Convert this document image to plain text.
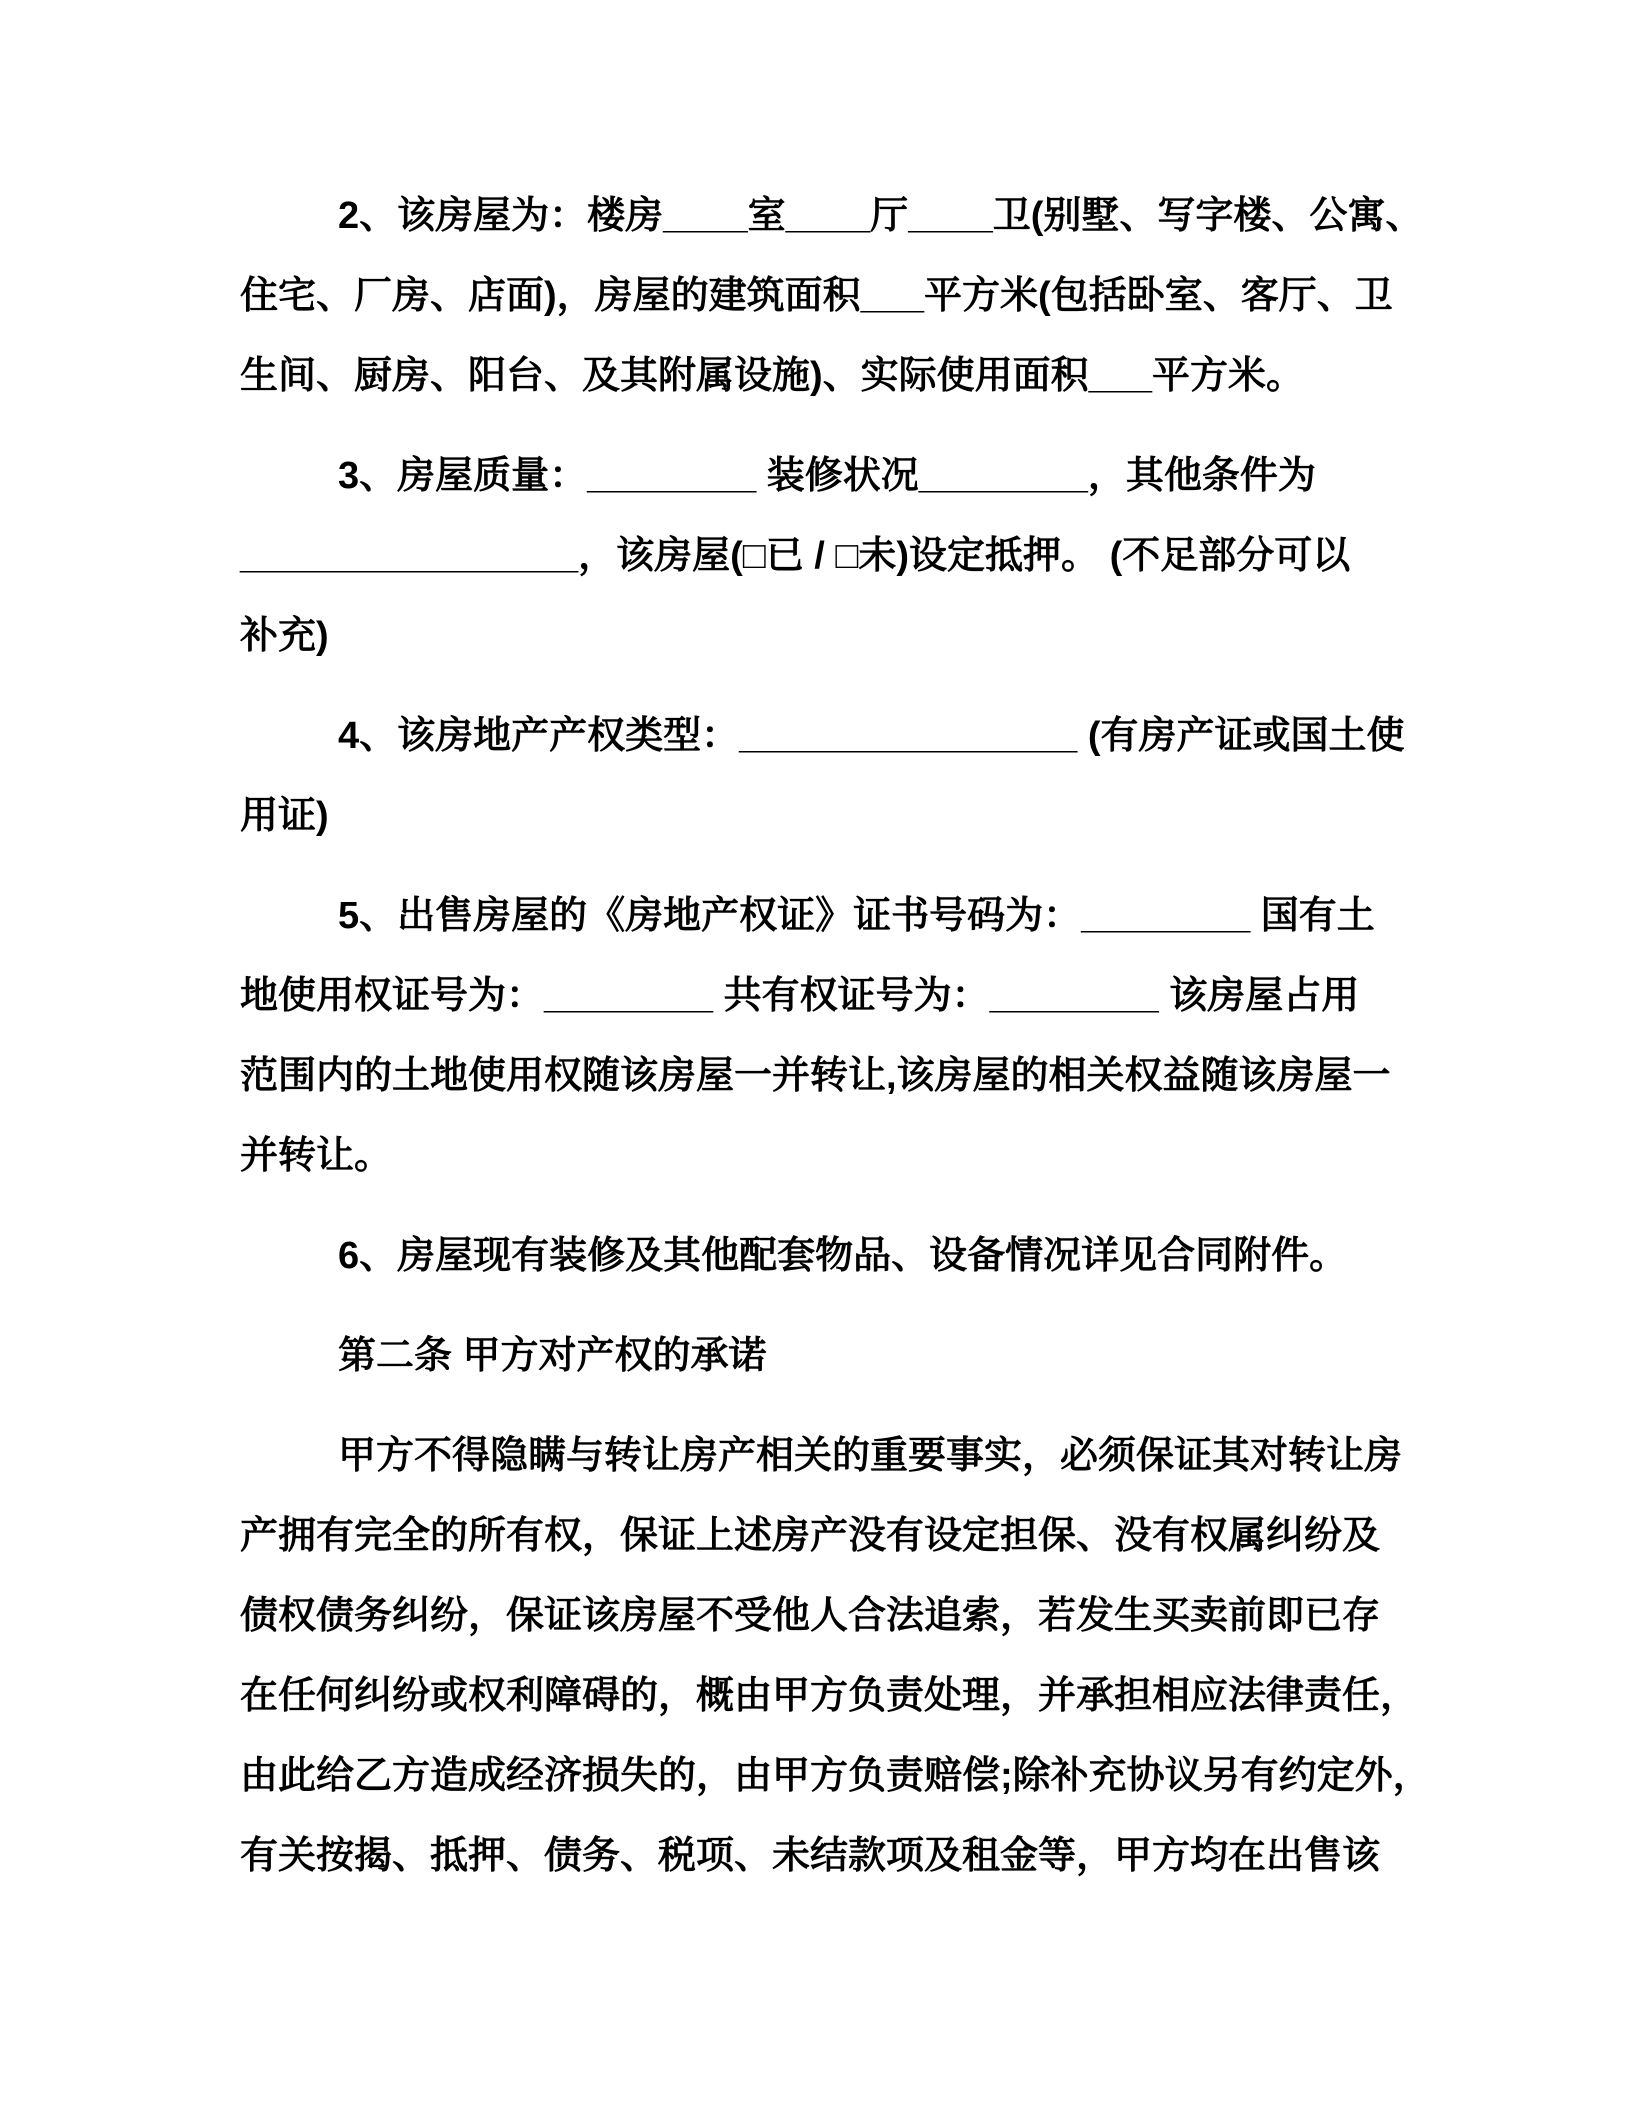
2、该房屋为：楼房____室____厅____卫(别墅、写字楼、公寓、
住宅、厂房、店面)，房屋的建筑面积___平方米(包括卧室、客厅、卫
生间、厨房、阳台、及其附属设施)、实际使用面积___平方米。
3、房屋质量：________ 装修状况________，其他条件为
________________，该房屋(□已 / □未)设定抵押。 (不足部分可以
补充)
4、该房地产产权类型：________________ (有房产证或国土使
用证)
5、出售房屋的《房地产权证》证书号码为：________ 国有土
地使用权证号为：________ 共有权证号为：________ 该房屋占用
范围内的土地使用权随该房屋一并转让,该房屋的相关权益随该房屋一
并转让。
6、房屋现有装修及其他配套物品、设备情况详见合同附件。
第二条 甲方对产权的承诺
甲方不得隐瞒与转让房产相关的重要事实，必须保证其对转让房
产拥有完全的所有权，保证上述房产没有设定担保、没有权属纠纷及
债权债务纠纷，保证该房屋不受他人合法追索，若发生买卖前即已存
在任何纠纷或权利障碍的，概由甲方负责处理，并承担相应法律责任，
由此给乙方造成经济损失的，由甲方负责赔偿;除补充协议另有约定外，
有关按揭、抵押、债务、税项、未结款项及租金等，甲方均在出售该
